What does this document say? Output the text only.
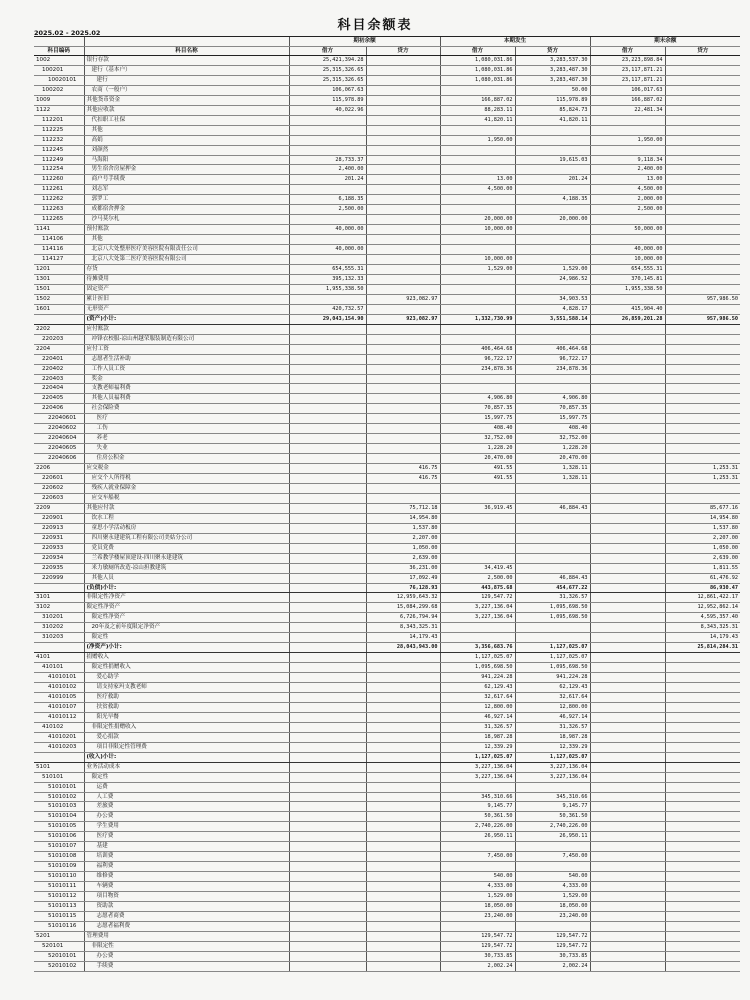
科目余额表
2025.02 - 2025.02
		期初余额		本期发生		期末余额	
科目编码	科目名称	借方	贷方	借方	贷方	借方	贷方
1002	银行存款	25,421,394.28		1,080,031.86	3,283,537.30	23,223,898.84	
100201	建行（基本户）	25,315,326.65		1,080,031.86	3,283,487.30	23,117,871.21	
10020101	建行	25,315,326.65		1,080,031.86	3,283,487.30	23,117,871.21	
100202	农商（一般户）	106,067.63			50.00	106,017.63	
1009	其他货币资金	115,978.89		166,887.02	115,978.89	166,887.02	
1122	其他应收款	40,022.96		88,283.11	85,824.73	22,481.34	
112201	代扣职工社保			41,820.11	41,820.11		
112225	其他						
112232	高娟			1,950.00		1,950.00	
112245	刘颜然						
112249	马海阳	28,733.37			19,615.03	9,118.34	
112254	男生宿舍房屋押金	2,400.00				2,400.00	
112260	商户号手续费	201.24		13.00	201.24	13.00	
112261	刘志军			4,500.00		4,500.00	
112262	郭罗工	6,188.35			4,188.35	2,000.00	
112263	成都宿舍押金	2,500.00				2,500.00	
112265	沙马莫尔札			20,000.00	20,000.00		
1141	预付账款	40,000.00		10,000.00		50,000.00	
114106	其他						
114116	北京八大处整形医疗美容医院有限责任公司	40,000.00				40,000.00	
114127	北京八大处第二医疗美容医院有限公司			10,000.00		10,000.00	
1201	存货	654,555.31		1,529.00	1,529.00	654,555.31	
1301	待摊费用	395,132.33			24,986.52	370,145.81	
1501	固定资产	1,955,338.50				1,955,338.50	
1502	累计折旧		923,082.97		34,903.53		957,986.50
1601	无形资产	420,732.57			4,828.17	415,904.40	
	(资产)小计:	29,043,154.90	923,082.97	1,332,730.99	3,551,588.14	26,859,201.28	957,986.50
2202	应付账款						
220203	冲锋衣校服-凉山州越荣服装制造有限公司						
2204	应付工资			406,464.68	406,464.68		
220401	志愿者生活补助			96,722.17	96,722.17		
220402	工作人员工资			234,878.36	234,878.36		
220403	奖金						
220404	支教老师福利费						
220405	其他人员福利费			4,906.80	4,906.80		
220406	社会保险费			70,857.35	70,857.35		
22040601	医疗			15,997.75	15,997.75		
22040602	工伤			408.40	408.40		
22040604	养老			32,752.00	32,752.00		
22040605	失业			1,228.20	1,228.20		
22040606	住房公积金			20,470.00	20,470.00		
2206	应交税金		416.75	491.55	1,328.11		1,253.31
220601	应交个人所得税		416.75	491.55	1,328.11		1,253.31
220602	残疾人就业保障金						
220603	应交车船税						
2209	其他应付款		75,712.18	36,919.45	46,884.43		85,677.16
220901	饮水工程		14,954.80				14,954.80
220913	童思小学活动板房		1,537.80				1,537.80
220931	四川聚永建建筑工程有限公司美姑分公司		2,207.00				2,207.00
220933	党员党费		1,050.00				1,050.00
220934	兰希教学楼屋顶建设-四川聚永建建筑		2,639.00				2,639.00
220935	米力敏厕所改造-凉山担教建筑		36,231.00	34,419.45			1,811.55
220999	其他人员		17,092.49	2,500.00	46,884.43		61,476.92
	(负债)小计:		76,128.93	443,875.68	454,677.22		86,930.47
3101	非限定性净资产		12,959,643.32	129,547.72	31,326.57		12,861,422.17
3102	限定性净资产		15,084,299.68	3,227,136.04	1,095,698.50		12,952,862.14
310201	限定性净资产		6,726,794.94	3,227,136.04	1,095,698.50		4,595,357.40
310202	20年及之前年度限定净资产		8,343,325.31				8,343,325.31
310203	限定性		14,179.43				14,179.43
	(净资产)小计:		28,043,943.00	3,356,683.76	1,127,025.07		25,814,284.31
4101	捐赠收入			1,127,025.07	1,127,025.07		
410101	限定性捐赠收入			1,095,698.50	1,095,698.50		
41010101	爱心助学			941,224.28	941,224.28		
41010102	请支持家玛支教老师			62,129.43	62,129.43		
41010105	医疗救助			32,617.64	32,617.64		
41010107	扶贫救助			12,800.00	12,800.00		
41010112	阳光早餐			46,927.14	46,927.14		
410102	非限定性捐赠收入			31,326.57	31,326.57		
41010201	爱心捐款			18,987.28	18,987.28		
41010203	项目非限定性管理费			12,339.29	12,339.29		
	(收入)小计:			1,127,025.07	1,127,025.07		
5101	业务活动成本			3,227,136.04	3,227,136.04		
510101	限定性			3,227,136.04	3,227,136.04		
51010101	运费						
51010102	人工费			345,310.66	345,310.66		
51010103	差旅费			9,145.77	9,145.77		
51010104	办公费			50,361.50	50,361.50		
51010105	学生费用			2,740,226.00	2,740,226.00		
51010106	医疗费			26,950.11	26,950.11		
51010107	基建						
51010108	培训费			7,450.00	7,450.00		
51010109	福利费						
51010110	维修费			540.00	540.00		
51010111	车辆费			4,333.00	4,333.00		
51010112	项目物资			1,529.00	1,529.00		
51010113	资助款			18,050.00	18,050.00		
51010115	志愿者商费			23,240.00	23,240.00		
51010116	志愿者福利费						
5201	管理费用			129,547.72	129,547.72		
520101	非限定性			129,547.72	129,547.72		
52010101	办公费			30,733.85	30,733.85		
52010102	手续费			2,002.24	2,002.24		
